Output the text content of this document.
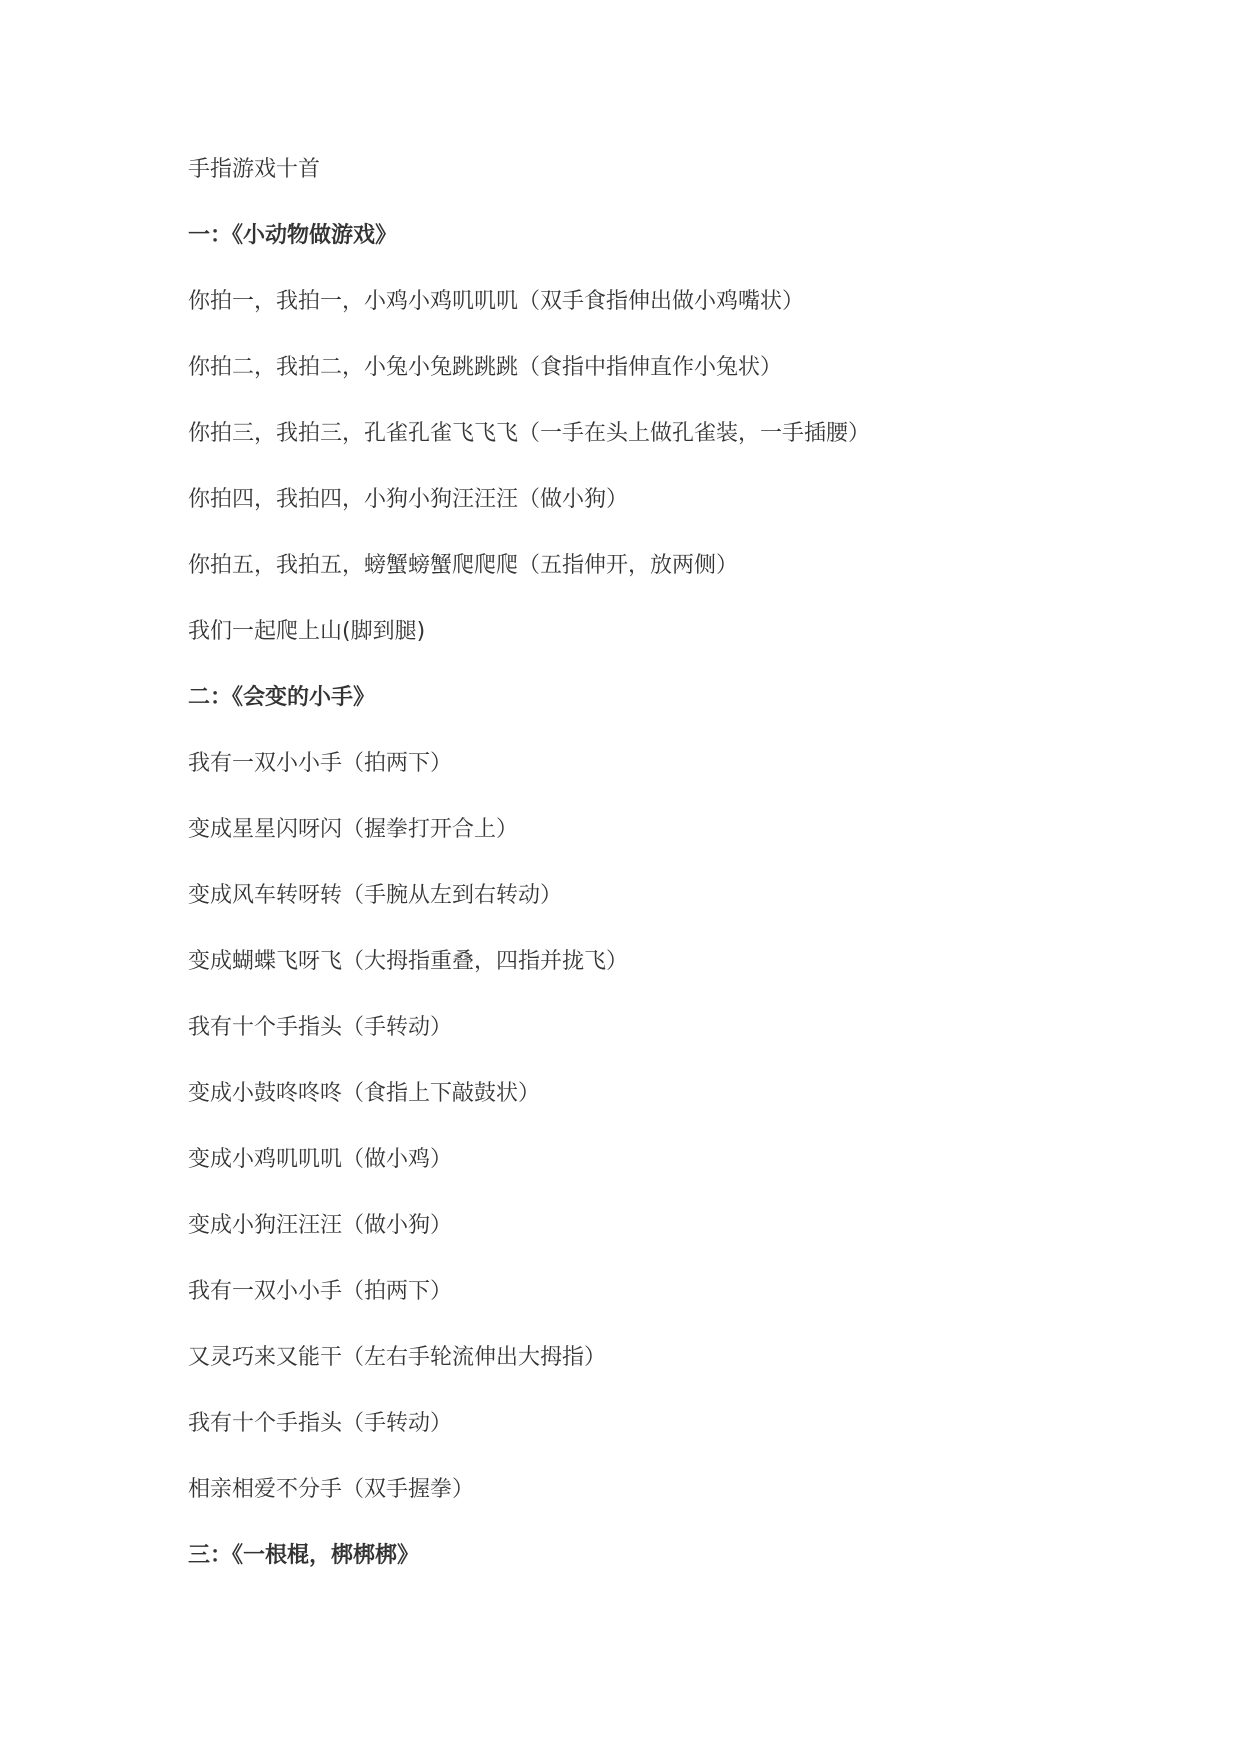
手指游戏十首
一：《小动物做游戏》
你拍一，我拍一，小鸡小鸡叽叽叽（双手食指伸出做小鸡嘴状）
你拍二，我拍二，小兔小兔跳跳跳（食指中指伸直作小兔状）
你拍三，我拍三，孔雀孔雀飞飞飞（一手在头上做孔雀装，一手插腰）
你拍四，我拍四，小狗小狗汪汪汪（做小狗）
你拍五，我拍五，螃蟹螃蟹爬爬爬（五指伸开，放两侧）
我们一起爬上山(脚到腿)
二：《会变的小手》
我有一双小小手（拍两下）
变成星星闪呀闪（握拳打开合上）
变成风车转呀转（手腕从左到右转动）
变成蝴蝶飞呀飞（大拇指重叠，四指并拢飞）
我有十个手指头（手转动）
变成小鼓咚咚咚（食指上下敲鼓状）
变成小鸡叽叽叽（做小鸡）
变成小狗汪汪汪（做小狗）
我有一双小小手（拍两下）
又灵巧来又能干（左右手轮流伸出大拇指）
我有十个手指头（手转动）
相亲相爱不分手（双手握拳）
三：《一根棍，梆梆梆》
